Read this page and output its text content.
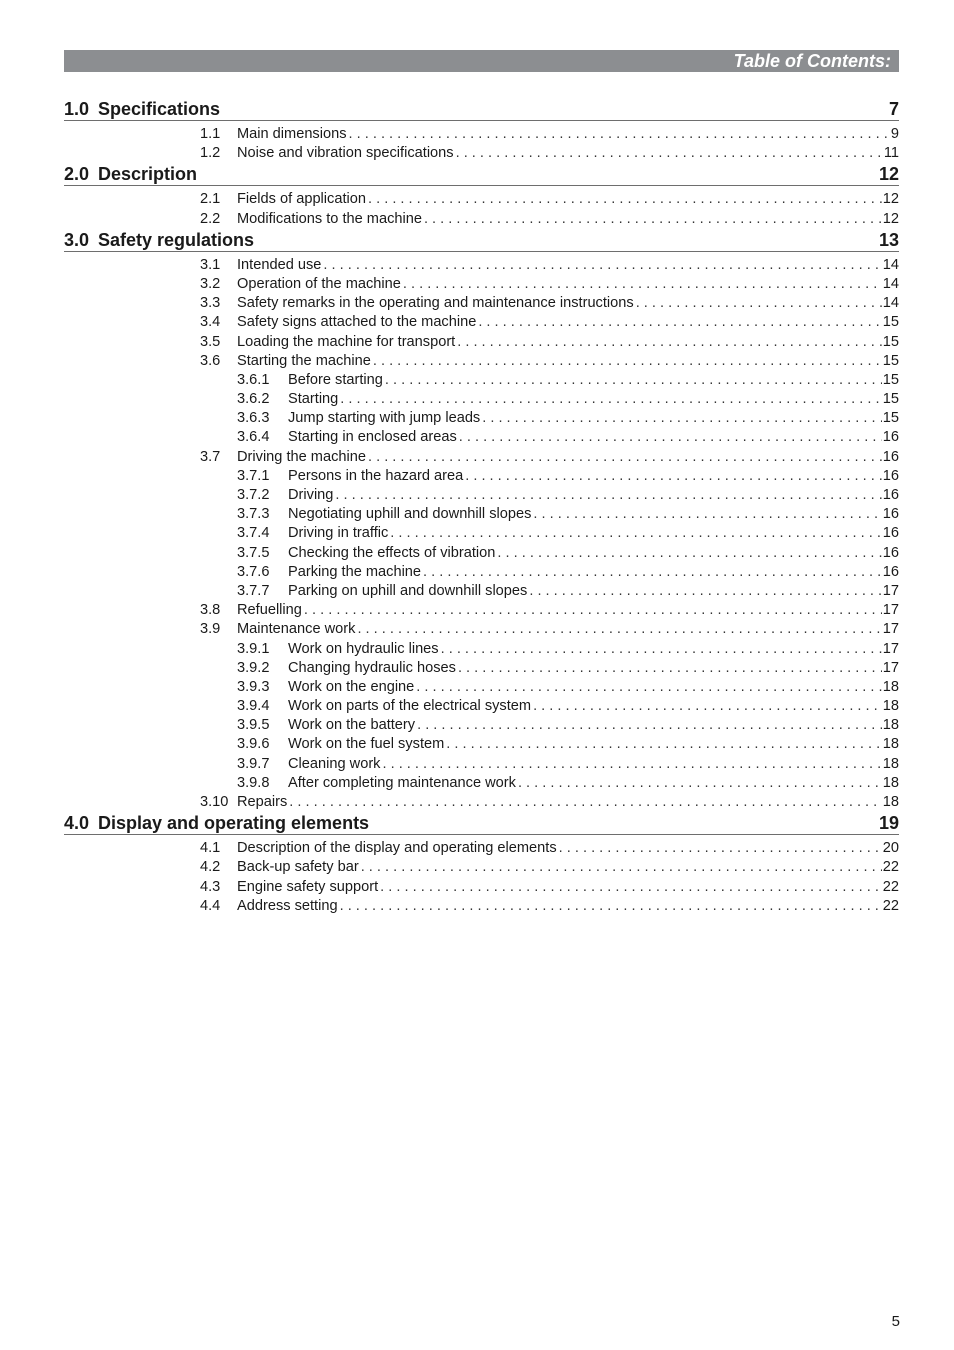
Table of Contents:
1.0 Specifications	7
1.1 Main dimensions . . .	9
1.2 Noise and vibration specifications . . .	11
2.0 Description	12
2.1 Fields of application . . .	12
2.2 Modifications to the machine . . .	12
3.0 Safety regulations	13
3.1 Intended use . . .	14
3.2 Operation of the machine . . .	14
3.3 Safety remarks in the operating and maintenance instructions . . .	14
3.4 Safety signs attached to the machine . . .	15
3.5 Loading the machine for transport . . .	15
3.6 Starting the machine . . .	15
3.6.1 Before starting . . .	15
3.6.2 Starting . . .	15
3.6.3 Jump starting with jump leads . . .	15
3.6.4 Starting in enclosed areas . . .	16
3.7 Driving the machine . . .	16
3.7.1 Persons in the hazard area . . .	16
3.7.2 Driving . . .	16
3.7.3 Negotiating uphill and downhill slopes . . .	16
3.7.4 Driving in traffic . . .	16
3.7.5 Checking the effects of vibration . . .	16
3.7.6 Parking the machine . . .	16
3.7.7 Parking on uphill and downhill slopes . . .	17
3.8 Refuelling . . .	17
3.9 Maintenance work . . .	17
3.9.1 Work on hydraulic lines . . .	17
3.9.2 Changing hydraulic hoses . . .	17
3.9.3 Work on the engine . . .	18
3.9.4 Work on parts of the electrical system . . .	18
3.9.5 Work on the battery . . .	18
3.9.6 Work on the fuel system . . .	18
3.9.7 Cleaning work . . .	18
3.9.8 After completing maintenance work . . .	18
3.10 Repairs . . .	18
4.0 Display and operating elements	19
4.1 Description of the display and operating elements . . .	20
4.2 Back-up safety bar . . .	22
4.3 Engine safety support . . .	22
4.4 Address setting . . .	22
5
